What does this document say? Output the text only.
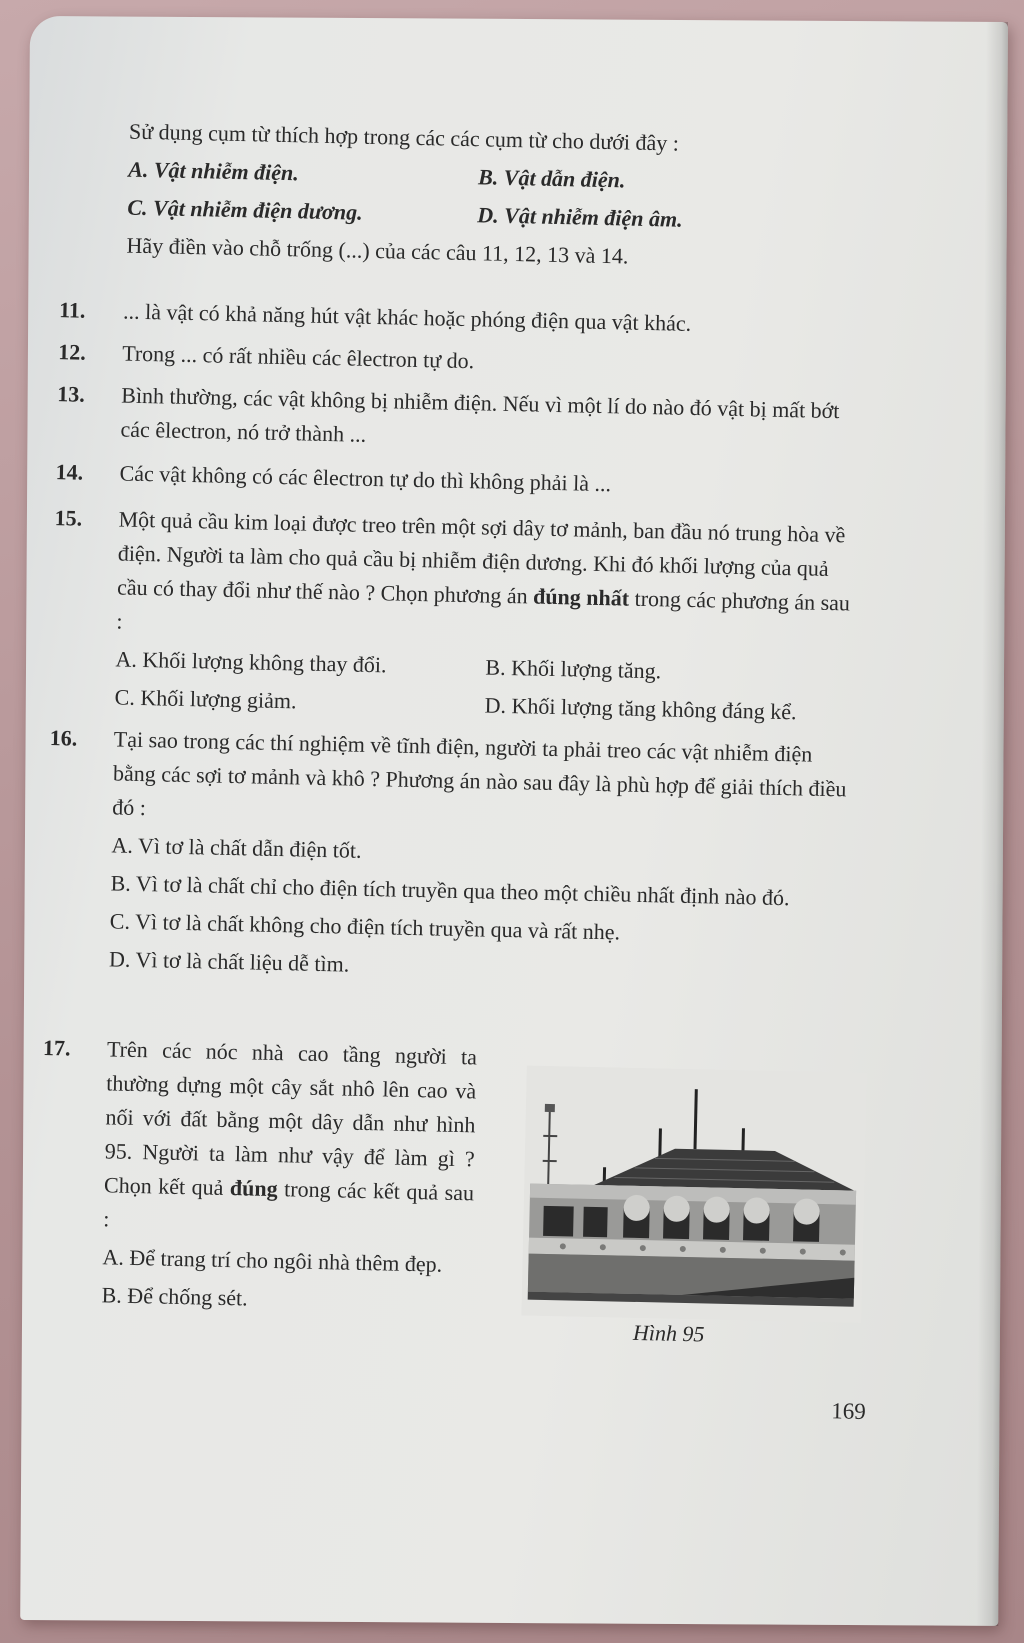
Sử dụng cụm từ thích hợp trong các các cụm từ cho dưới đây :

A. Vật nhiễm điện.	B. Vật dẫn điện.
C. Vật nhiễm điện dương.	D. Vật nhiễm điện âm.

Hãy điền vào chỗ trống (...) của các câu 11, 12, 13 và 14.

11.	... là vật có khả năng hút vật khác hoặc phóng điện qua vật khác.

12.	Trong ... có rất nhiều các êlectron tự do.

13.	Bình thường, các vật không bị nhiễm điện. Nếu vì một lí do nào đó vật bị mất bớt các êlectron, nó trở thành ...

14.	Các vật không có các êlectron tự do thì không phải là ...

15.	Một quả cầu kim loại được treo trên một sợi dây tơ mảnh, ban đầu nó trung hòa về điện. Người ta làm cho quả cầu bị nhiễm điện dương. Khi đó khối lượng của quả cầu có thay đổi như thế nào ? Chọn phương án đúng nhất trong các phương án sau :

A. Khối lượng không thay đổi.	B. Khối lượng tăng.
C. Khối lượng giảm.	D. Khối lượng tăng không đáng kể.
16.	Tại sao trong các thí nghiệm về tĩnh điện, người ta phải treo các vật nhiễm điện bằng các sợi tơ mảnh và khô ? Phương án nào sau đây là phù hợp để giải thích điều đó :

A. Vì tơ là chất dẫn điện tốt.
B. Vì tơ là chất chỉ cho điện tích truyền qua theo một chiều nhất định nào đó.
C. Vì tơ là chất không cho điện tích truyền qua và rất nhẹ.
D. Vì tơ là chất liệu dễ tìm.
17.	Trên các nóc nhà cao tầng người ta thường dựng một cây sắt nhô lên cao và nối với đất bằng một dây dẫn như hình 95. Người ta làm như vậy để làm gì ? Chọn kết quả đúng trong các kết quả sau :

A. Để trang trí cho ngôi nhà thêm đẹp.
B. Để chống sét.
Hình 95
169
